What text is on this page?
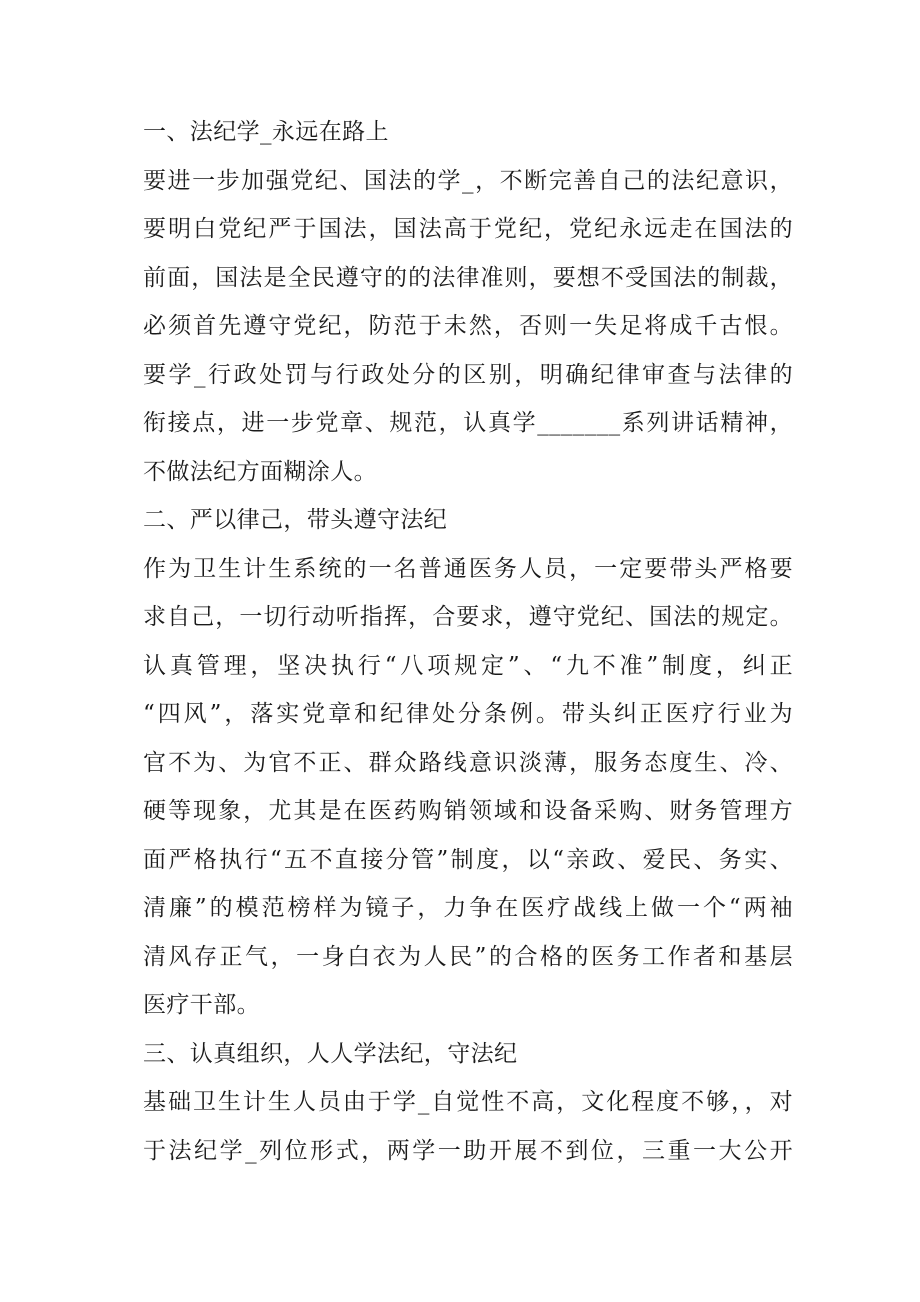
一、法纪学_永远在路上
要进一步加强党纪、国法的学_，不断完善自己的法纪意识，
要明白党纪严于国法，国法高于党纪，党纪永远走在国法的
前面，国法是全民遵守的的法律准则，要想不受国法的制裁，
必须首先遵守党纪，防范于未然，否则一失足将成千古恨。
要学_行政处罚与行政处分的区别，明确纪律审查与法律的
衔接点，进一步党章、规范，认真学_______系列讲话精神，
不做法纪方面糊涂人。
二、严以律己，带头遵守法纪
作为卫生计生系统的一名普通医务人员，一定要带头严格要
求自己，一切行动听指挥，合要求，遵守党纪、国法的规定。
认真管理，坚决执行“八项规定”、“九不准”制度，纠正
“四风”，落实党章和纪律处分条例。带头纠正医疗行业为
官不为、为官不正、群众路线意识淡薄，服务态度生、冷、
硬等现象，尤其是在医药购销领域和设备采购、财务管理方
面严格执行“五不直接分管”制度，以“亲政、爱民、务实、
清廉”的模范榜样为镜子，力争在医疗战线上做一个“两袖
清风存正气，一身白衣为人民”的合格的医务工作者和基层
医疗干部。
三、认真组织，人人学法纪，守法纪
基础卫生计生人员由于学_自觉性不高，文化程度不够，，对
于法纪学_列位形式，两学一助开展不到位，三重一大公开
